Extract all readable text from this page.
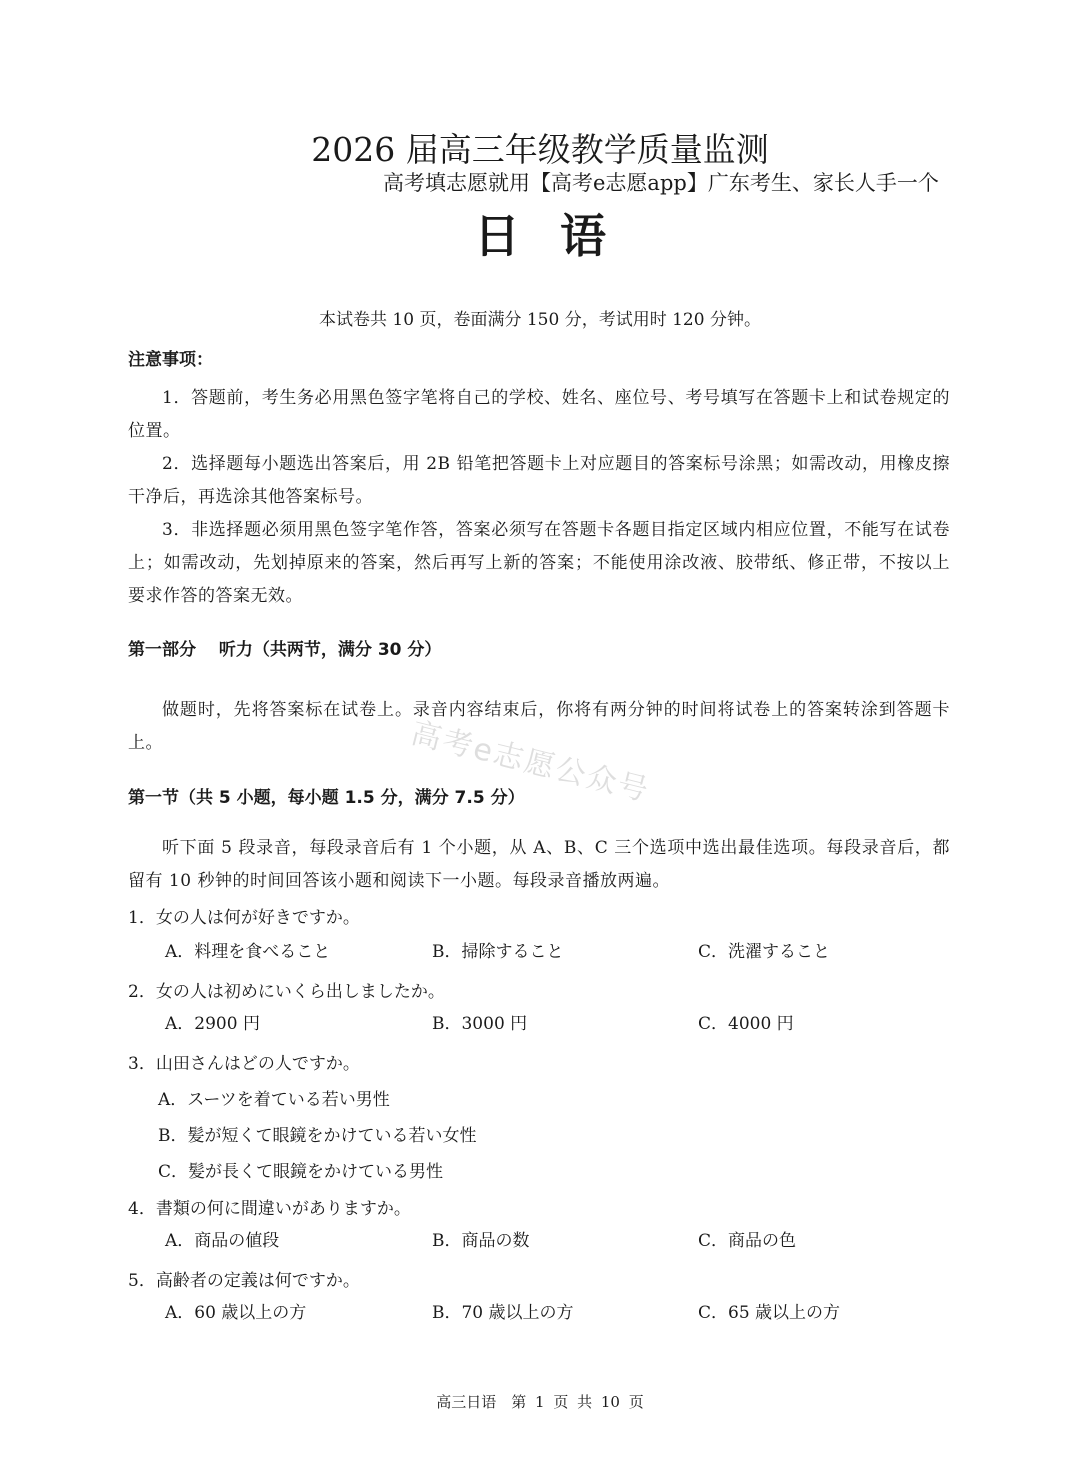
2026 届高三年级教学质量监测
高考填志愿就用【高考e志愿app】广东考生、家长人手一个
日语
本试卷共 10 页，卷面满分 150 分，考试用时 120 分钟。
注意事项：
1．答题前，考生务必用黑色签字笔将自己的学校、姓名、座位号、考号填写在答题卡上和试卷规定的位置。
2．选择题每小题选出答案后，用 2B 铅笔把答题卡上对应题目的答案标号涂黑；如需改动，用橡皮擦干净后，再选涂其他答案标号。
3．非选择题必须用黑色签字笔作答，答案必须写在答题卡各题目指定区域内相应位置，不能写在试卷上；如需改动，先划掉原来的答案，然后再写上新的答案；不能使用涂改液、胶带纸、修正带，不按以上要求作答的答案无效。
第一部分　 听力（共两节，满分 30 分）
做题时，先将答案标在试卷上。录音内容结束后，你将有两分钟的时间将试卷上的答案转涂到答题卡上。	高考e志愿公众号
第一节（共 5 小题，每小题 1.5 分，满分 7.5 分）
听下面 5 段录音，每段录音后有 1 个小题，从 A、B、C 三个选项中选出最佳选项。每段录音后，都留有 10 秒钟的时间回答该小题和阅读下一小题。每段录音播放两遍。
1．女の人は何が好きですか。
A．料理を食べること	B．掃除すること	C．洗濯すること
2．女の人は初めにいくら出しましたか。
A．2900 円	B．3000 円	C．4000 円
3．山田さんはどの人ですか。
A．スーツを着ている若い男性
B．髪が短くて眼鏡をかけている若い女性
C．髪が長くて眼鏡をかけている男性
4．書類の何に間違いがありますか。
A．商品の値段	B．商品の数	C．商品の色
5．高齢者の定義は何ですか。
A．60 歳以上の方	B．70 歳以上の方	C．65 歳以上の方
高三日语　第 1 页 共 10 页
